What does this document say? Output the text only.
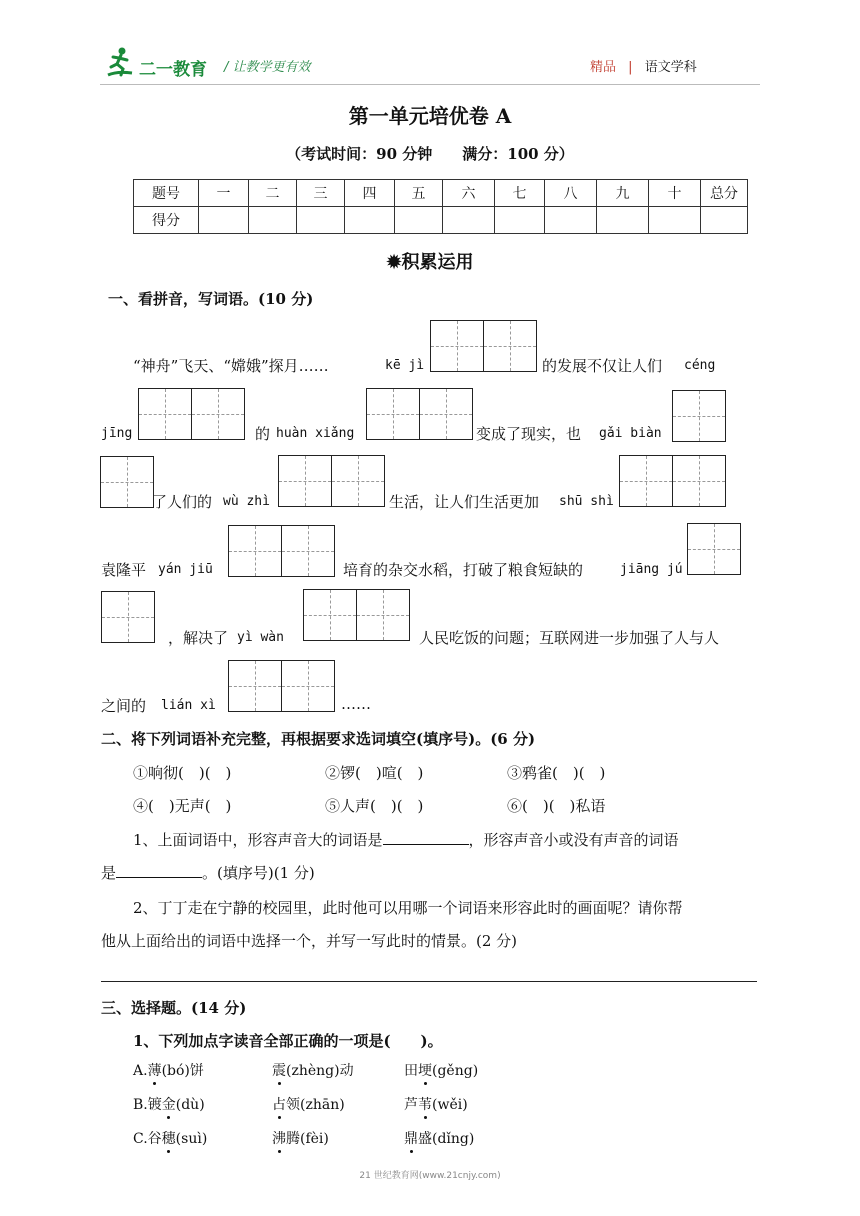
二一教育 / 让教学更有效	精品 | 语文学科
第一单元培优卷 A
（考试时间：90 分钟　　满分：100 分）
题号	一	二	三	四	五	六	七	八	九	十	总分
得分											
✹积累运用
一、看拼音，写词语。(10 分)
“神舟”飞天、“嫦娥”探月……	kē jì	的发展不仅让人们 céng
jīng	的 huàn xiǎng	变成了现实，也 gǎi biàn
了人们的 wù zhì	生活，让人们生活更加 shū shì
袁隆平 yán jiū	培育的杂交水稻，打破了粮食短缺的	jiāng jú
，解决了 yì wàn	人民吃饭的问题；互联网进一步加强了人与人
之间的 lián xì	……
二、将下列词语补充完整，再根据要求选词填空(填序号)。(6 分)
①响彻(　)(　)	②锣(　)喧(　)	③鸦雀(　)(　)
④(　)无声(　)	⑤人声(　)(　)	⑥(　)(　)私语
1、上面词语中，形容声音大的词语是	，形容声音小或没有声音的词语
是	。(填序号)(1 分)
2、丁丁走在宁静的校园里，此时他可以用哪一个词语来形容此时的画面呢？请你帮
他从上面给出的词语中选择一个，并写一写此时的情景。(2 分)
三、选择题。(14 分)
1、下列加点字读音全部正确的一项是(　　)。
A.薄(bó)饼	震(zhèng)动	田埂(gěng)
B.镀金(dù)	占领(zhān)	芦苇(wěi)
C.谷穗(suì)	沸腾(fèi)	鼎盛(dǐng)
21 世纪教育网(www.21cnjy.com)
